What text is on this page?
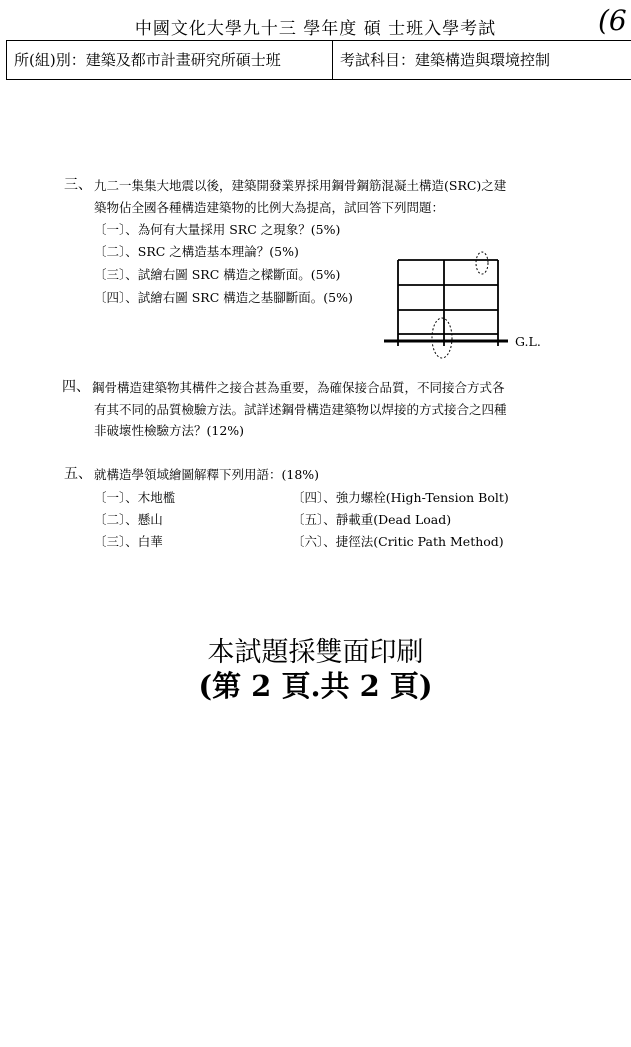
中國文化大學九十三 學年度 碩 士班入學考試	(6
所(組)別：建築及都市計畫研究所碩士班	考試科目：建築構造與環境控制
三、 九二一集集大地震以後，建築開發業界採用鋼骨鋼筋混凝土構造(SRC)之建
築物佔全國各種構造建築物的比例大為提高，試回答下列問題：
〔一〕、為何有大量採用 SRC 之現象？(5%)
〔二〕、SRC 之構造基本理論？(5%)
〔三〕、試繪右圖 SRC 構造之樑斷面。(5%)
〔四〕、試繪右圖 SRC 構造之基腳斷面。(5%)
G.L.
四、 鋼骨構造建築物其構件之接合甚為重要，為確保接合品質，不同接合方式各
有其不同的品質檢驗方法。試詳述鋼骨構造建築物以焊接的方式接合之四種
非破壞性檢驗方法？(12%)
五、 就構造學領域繪圖解釋下列用語：(18%)
〔一〕、木地檻
〔二〕、懸山
〔三〕、白華
〔四〕、強力螺栓(High-Tension Bolt)
〔五〕、靜載重(Dead Load)
〔六〕、捷徑法(Critic Path Method)
本試題採雙面印刷
(第 2 頁.共 2 頁)
